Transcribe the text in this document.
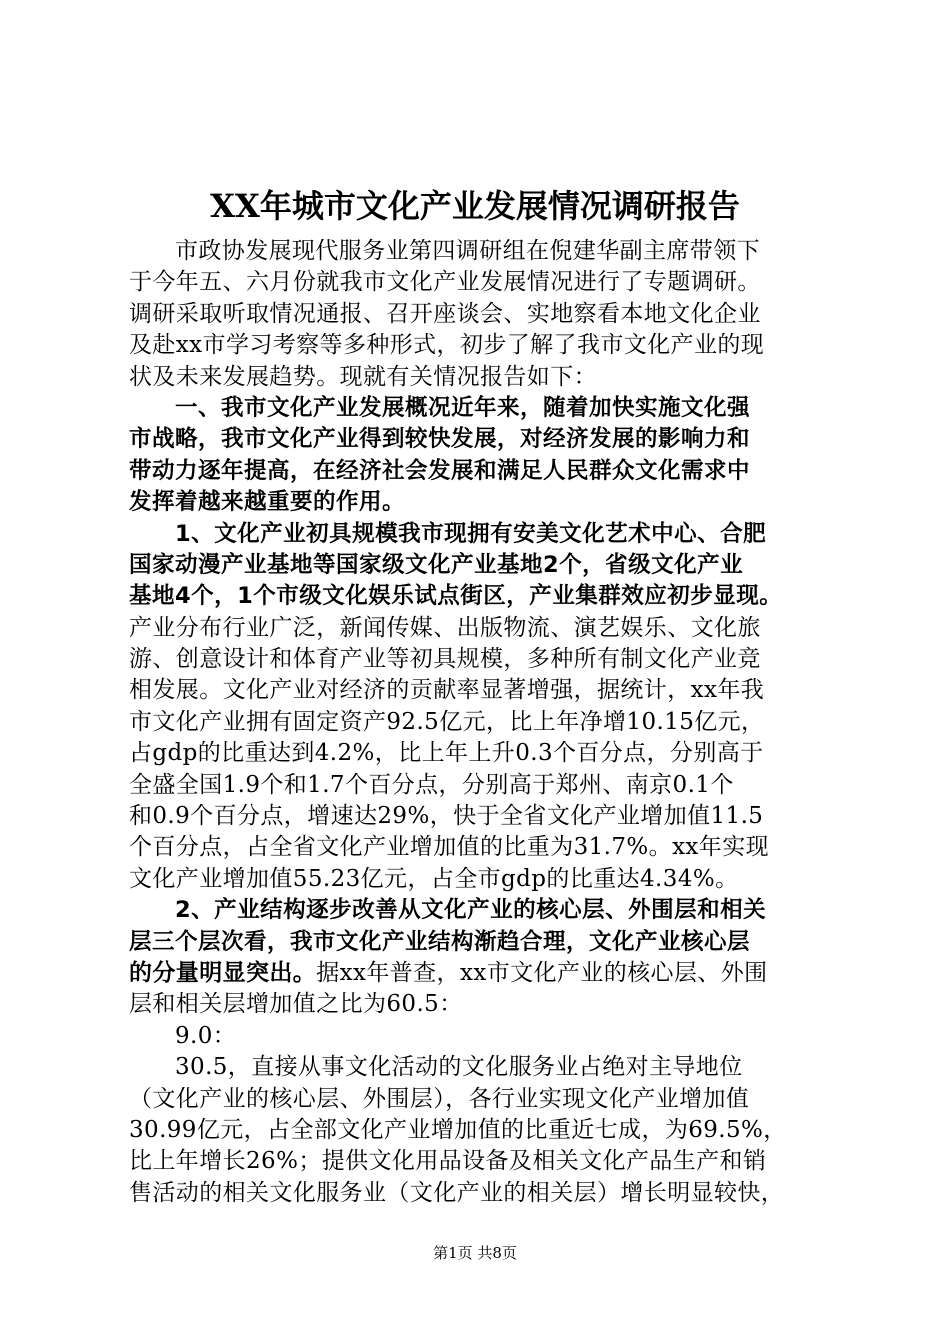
XX年城市文化产业发展情况调研报告
市政协发展现代服务业第四调研组在倪建华副主席带领下
于今年五、六月份就我市文化产业发展情况进行了专题调研。
调研采取听取情况通报、召开座谈会、实地察看本地文化企业
及赴xx市学习考察等多种形式，初步了解了我市文化产业的现
状及未来发展趋势。现就有关情况报告如下：
一、我市文化产业发展概况近年来，随着加快实施文化强
市战略，我市文化产业得到较快发展，对经济发展的影响力和
带动力逐年提高，在经济社会发展和满足人民群众文化需求中
发挥着越来越重要的作用。
1、文化产业初具规模我市现拥有安美文化艺术中心、合肥
国家动漫产业基地等国家级文化产业基地2个，省级文化产业
基地4个，1个市级文化娱乐试点街区，产业集群效应初步显现。
产业分布行业广泛，新闻传媒、出版物流、演艺娱乐、文化旅
游、创意设计和体育产业等初具规模，多种所有制文化产业竞
相发展。文化产业对经济的贡献率显著增强，据统计，xx年我
市文化产业拥有固定资产92.5亿元，比上年净增10.15亿元，
占gdp的比重达到4.2%，比上年上升0.3个百分点，分别高于
全盛全国1.9个和1.7个百分点，分别高于郑州、南京0.1个
和0.9个百分点，增速达29%，快于全省文化产业增加值11.5
个百分点，占全省文化产业增加值的比重为31.7%。xx年实现
文化产业增加值55.23亿元，占全市gdp的比重达4.34%。
2、产业结构逐步改善从文化产业的核心层、外围层和相关
层三个层次看，我市文化产业结构渐趋合理，文化产业核心层
的分量明显突出。据xx年普查，xx市文化产业的核心层、外围
层和相关层增加值之比为60.5：
9.0：
30.5，直接从事文化活动的文化服务业占绝对主导地位
（文化产业的核心层、外围层），各行业实现文化产业增加值
30.99亿元，占全部文化产业增加值的比重近七成，为69.5%，
比上年增长26%；提供文化用品设备及相关文化产品生产和销
售活动的相关文化服务业（文化产业的相关层）增长明显较快，
第1页 共8页
